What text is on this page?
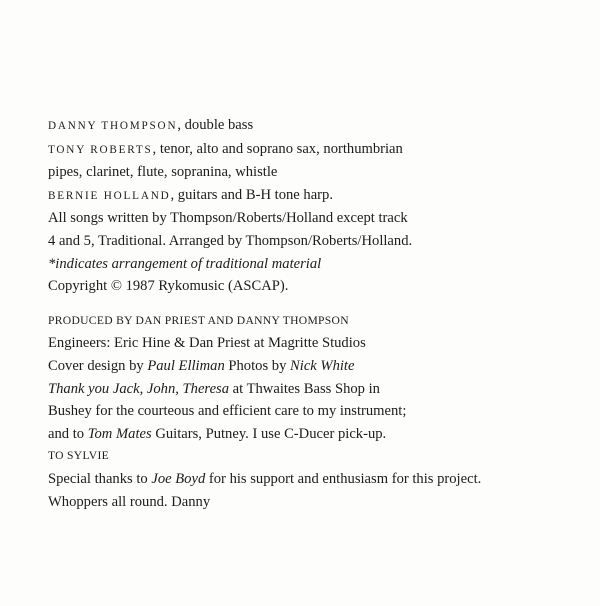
DANNY THOMPSON, double bass
TONY ROBERTS, tenor, alto and soprano sax, northumbrian
pipes, clarinet, flute, sopranina, whistle
BERNIE HOLLAND, guitars and B-H tone harp.
All songs written by Thompson/Roberts/Holland except track
4 and 5, Traditional. Arranged by Thompson/Roberts/Holland.
*indicates arrangement of traditional material
Copyright © 1987 Rykomusic (ASCAP).
PRODUCED BY DAN PRIEST AND DANNY THOMPSON
Engineers: Eric Hine & Dan Priest at Magritte Studios
Cover design by Paul Elliman Photos by Nick White
Thank you Jack, John, Theresa at Thwaites Bass Shop in
Bushey for the courteous and efficient care to my instrument;
and to Tom Mates Guitars, Putney. I use C-Ducer pick-up.
TO SYLVIE
Special thanks to Joe Boyd for his support and enthusiasm for this project.
Whoppers all round. Danny
